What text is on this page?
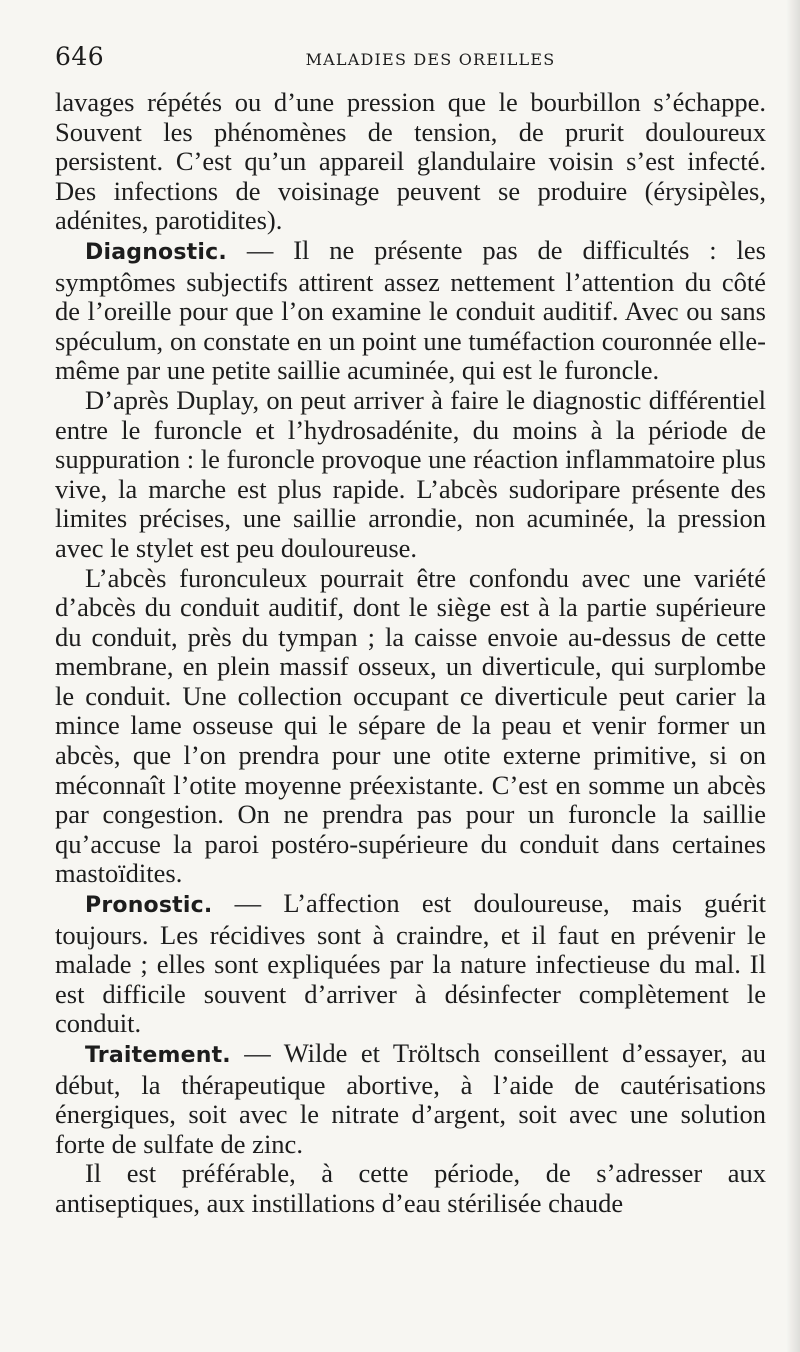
646	MALADIES DES OREILLES

lavages répétés ou d’une pression que le bourbillon s’échappe. Souvent les phénomènes de tension, de prurit douloureux persistent. C’est qu’un appareil glandulaire voisin s’est infecté. Des infections de voisinage peuvent se produire (érysipèles, adénites, parotidites).

Diagnostic. — Il ne présente pas de difficultés : les symptômes subjectifs attirent assez nettement l’attention du côté de l’oreille pour que l’on examine le conduit auditif. Avec ou sans spéculum, on constate en un point une tuméfaction couronnée elle-même par une petite saillie acuminée, qui est le furoncle.

D’après Duplay, on peut arriver à faire le diagnostic différentiel entre le furoncle et l’hydrosadénite, du moins à la période de suppuration : le furoncle provoque une réaction inflammatoire plus vive, la marche est plus rapide. L’abcès sudoripare présente des limites précises, une saillie arrondie, non acuminée, la pression avec le stylet est peu douloureuse.

L’abcès furonculeux pourrait être confondu avec une variété d’abcès du conduit auditif, dont le siège est à la partie supérieure du conduit, près du tympan ; la caisse envoie au-dessus de cette membrane, en plein massif osseux, un diverticule, qui surplombe le conduit. Une collection occupant ce diverticule peut carier la mince lame osseuse qui le sépare de la peau et venir former un abcès, que l’on prendra pour une otite externe primitive, si on méconnaît l’otite moyenne préexistante. C’est en somme un abcès par congestion. On ne prendra pas pour un furoncle la saillie qu’accuse la paroi postéro-supérieure du conduit dans certaines mastoïdites.

Pronostic. — L’affection est douloureuse, mais guérit toujours. Les récidives sont à craindre, et il faut en prévenir le malade ; elles sont expliquées par la nature infectieuse du mal. Il est difficile souvent d’arriver à désinfecter complètement le conduit.

Traitement. — Wilde et Tröltsch conseillent d’essayer, au début, la thérapeutique abortive, à l’aide de cautérisations énergiques, soit avec le nitrate d’argent, soit avec une solution forte de sulfate de zinc.

Il est préférable, à cette période, de s’adresser aux antiseptiques, aux instillations d’eau stérilisée chaude
